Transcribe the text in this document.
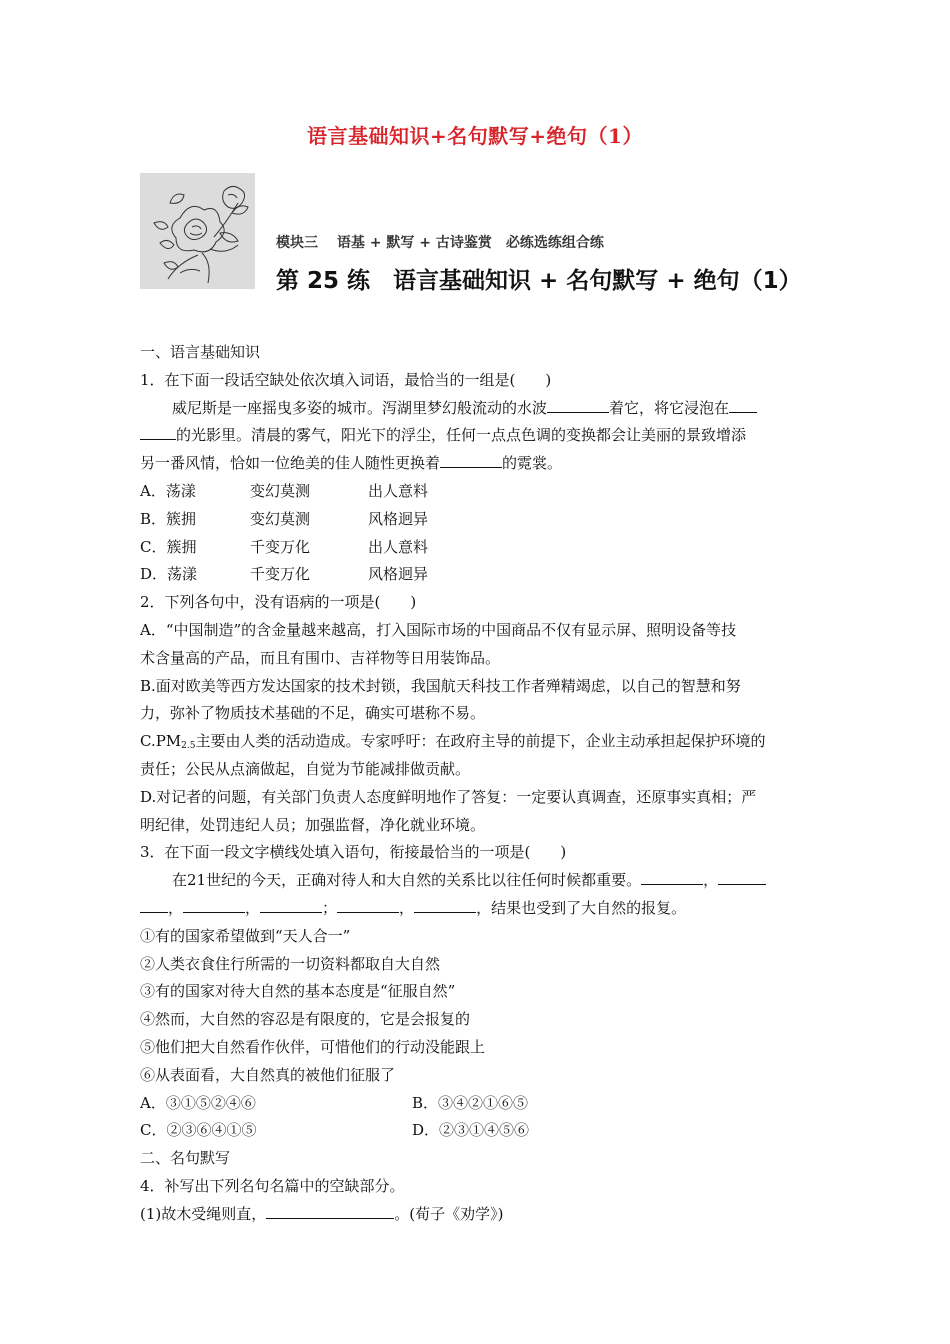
语言基础知识+名句默写+绝句（1）
模块三　 语基 + 默写 + 古诗鉴赏　必练选练组合练
第 25 练　语言基础知识 + 名句默写 + 绝句（1）
一、语言基础知识
1．在下面一段话空缺处依次填入词语，最恰当的一组是(　　)
威尼斯是一座摇曳多姿的城市。泻湖里梦幻般流动的水波	着它，将它浸泡在
的光影里。清晨的雾气，阳光下的浮尘，任何一点点色调的变换都会让美丽的景致增添
另一番风情，恰如一位绝美的佳人随性更换着	的霓裳。
A．荡漾	变幻莫测	出人意料
B．簇拥	变幻莫测	风格迥异
C．簇拥	千变万化	出人意料
D．荡漾	千变万化	风格迥异
2．下列各句中，没有语病的一项是(　　)
A．“中国制造”的含金量越来越高，打入国际市场的中国商品不仅有显示屏、照明设备等技
术含量高的产品，而且有围巾、吉祥物等日用装饰品。
B.面对欧美等西方发达国家的技术封锁，我国航天科技工作者殚精竭虑，以自己的智慧和努
力，弥补了物质技术基础的不足，确实可堪称不易。
$C.PM_{2.5}$主要由人类的活动造成。专家呼吁：在政府主导的前提下，企业主动承担起保护环境的
责任；公民从点滴做起，自觉为节能减排做贡献。
D.对记者的问题，有关部门负责人态度鲜明地作了答复：一定要认真调查，还原事实真相；严
明纪律，处罚违纪人员；加强监督，净化就业环境。
3．在下面一段文字横线处填入语句，衔接最恰当的一项是(　　)
在21世纪的今天，正确对待人和大自然的关系比以往任何时候都重要。	，
，	，	；	，	，结果也受到了大自然的报复。
①有的国家希望做到“天人合一”
②人类衣食住行所需的一切资料都取自大自然
③有的国家对待大自然的基本态度是“征服自然”
④然而，大自然的容忍是有限度的，它是会报复的
⑤他们把大自然看作伙伴，可惜他们的行动没能跟上
⑥从表面看，大自然真的被他们征服了
A．③①⑤②④⑥	B．③④②①⑥⑤
C．②③⑥④①⑤	D．②③①④⑤⑥
二、名句默写
4．补写出下列名句名篇中的空缺部分。
(1)故木受绳则直，	。(荀子《劝学》)
